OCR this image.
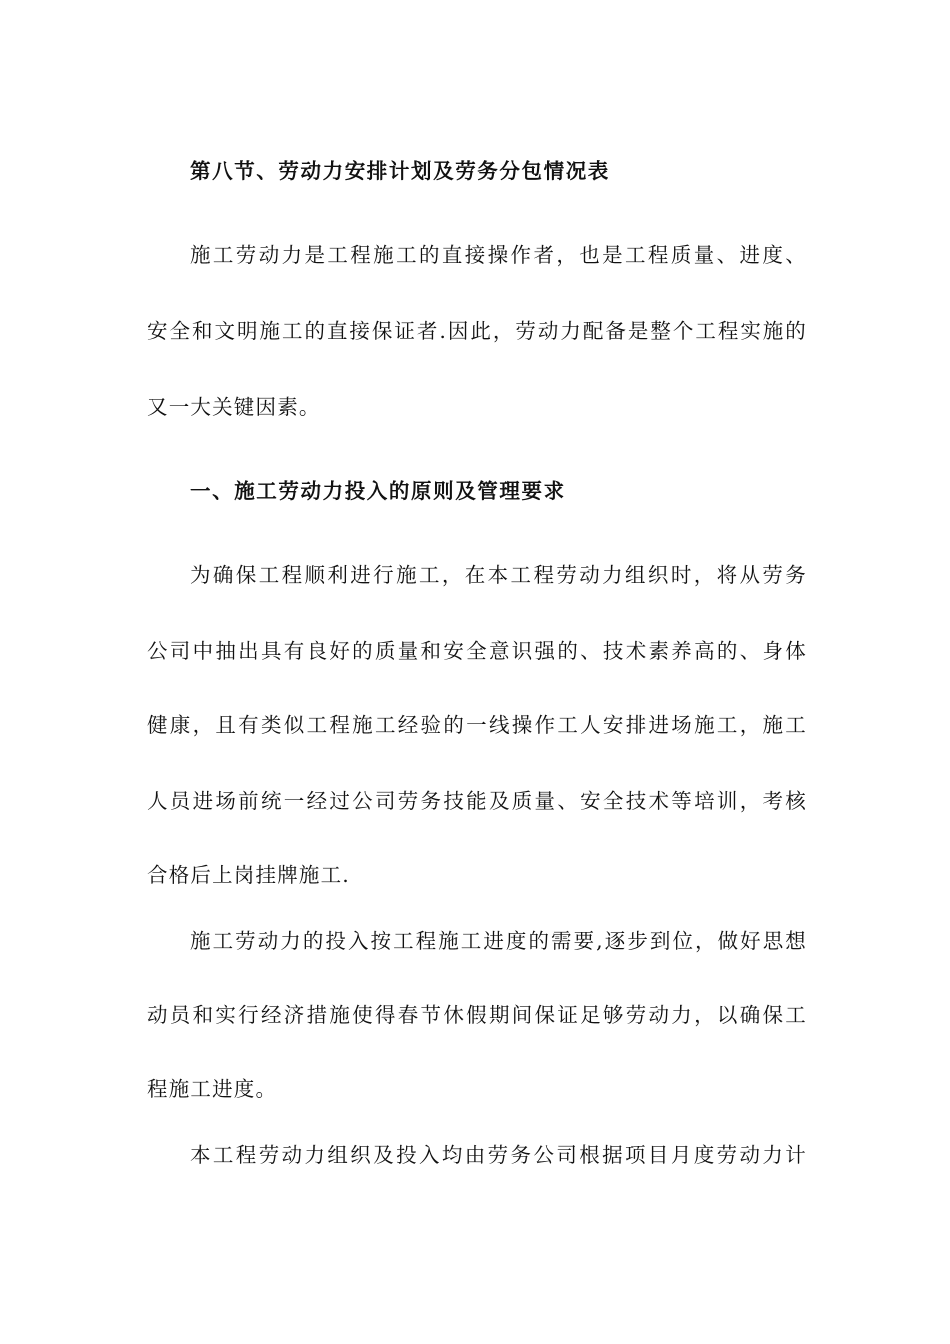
第八节、劳动力安排计划及劳务分包情况表
施工劳动力是工程施工的直接操作者，也是工程质量、进度、
安全和文明施工的直接保证者.因此，劳动力配备是整个工程实施的
又一大关键因素。
一、施工劳动力投入的原则及管理要求
为确保工程顺利进行施工，在本工程劳动力组织时，将从劳务
公司中抽出具有良好的质量和安全意识强的、技术素养高的、身体
健康，且有类似工程施工经验的一线操作工人安排进场施工，施工
人员进场前统一经过公司劳务技能及质量、安全技术等培训，考核
合格后上岗挂牌施工.
施工劳动力的投入按工程施工进度的需要,逐步到位，做好思想
动员和实行经济措施使得春节休假期间保证足够劳动力，以确保工
程施工进度。
本工程劳动力组织及投入均由劳务公司根据项目月度劳动力计
